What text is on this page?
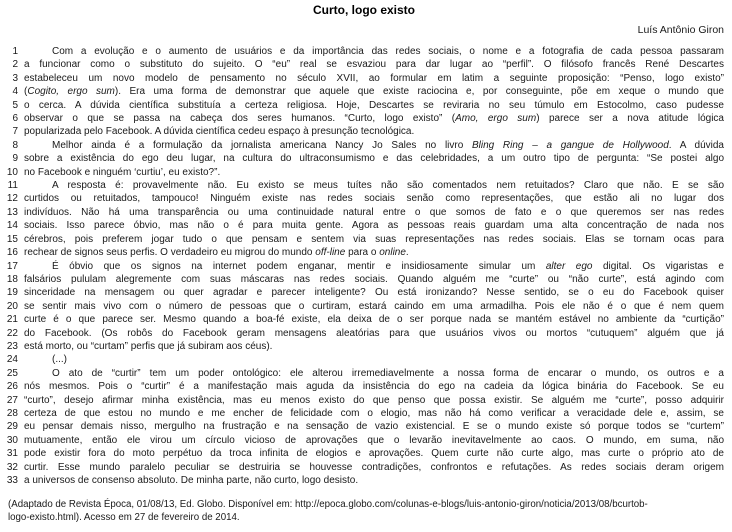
Curto, logo existo
Luís Antônio Giron
1	Com a evolução e o aumento de usuários e da importância das redes sociais, o nome e a fotografia de cada pessoa passaram
2 a funcionar como o substituto do sujeito. O “eu” real se esvaziou para dar lugar ao “perfil”. O filósofo francês René Descartes
3 estabeleceu um novo modelo de pensamento no século XVII, ao formular em latim a seguinte proposição: “Penso, logo existo”
4 (Cogito, ergo sum). Era uma forma de demonstrar que aquele que existe raciocina e, por conseguinte, põe em xeque o mundo que
5 o cerca. A dúvida científica substituía a certeza religiosa. Hoje, Descartes se reviraria no seu túmulo em Estocolmo, caso pudesse
6 observar o que se passa na cabeça dos seres humanos. “Curto, logo existo” (Amo, ergo sum) parece ser a nova atitude lógica
7 popularizada pelo Facebook. A dúvida científica cedeu espaço à presunção tecnológica.
8	Melhor ainda é a formulação da jornalista americana Nancy Jo Sales no livro Bling Ring – a gangue de Hollywood. A dúvida
9 sobre a existência do ego deu lugar, na cultura do ultraconsumismo e das celebridades, a um outro tipo de pergunta: “Se postei algo
10 no Facebook e ninguém ‘curtiu’, eu existo?”.
11	A resposta é: provavelmente não. Eu existo se meus tuítes não são comentados nem retuitados? Claro que não. E se são
12 curtidos ou retuitados, tampouco! Ninguém existe nas redes sociais senão como representações, que estão ali no lugar dos
13 indivíduos. Não há uma transparência ou uma continuidade natural entre o que somos de fato e o que queremos ser nas redes
14 sociais. Isso parece óbvio, mas não o é para muita gente. Agora as pessoas reais guardam uma alta concentração de nada nos
15 cérebros, pois preferem jogar tudo o que pensam e sentem via suas representações nas redes sociais. Elas se tornam ocas para
16 rechear de signos seus perfis. O verdadeiro eu migrou do mundo off-line para o online.
17	É óbvio que os signos na internet podem enganar, mentir e insidiosamente simular um alter ego digital. Os vigaristas e
18 falsários pululam alegremente com suas máscaras nas redes sociais. Quando alguém me “curte” ou “não curte”, está agindo com
19 sinceridade na mensagem ou quer agradar e parecer inteligente? Ou está ironizando? Nesse sentido, se o eu do Facebook quiser
20 se sentir mais vivo com o número de pessoas que o curtiram, estará caindo em uma armadilha. Pois ele não é o que é nem quem
21 curte é o que parece ser. Mesmo quando a boa-fé existe, ela deixa de o ser porque nada se mantém estável no ambiente da “curtição”
22 do Facebook. (Os robôs do Facebook geram mensagens aleatórias para que usuários vivos ou mortos “cutuquem” alguém que já
23 está morto, ou “curtam” perfis que já subiram aos céus).
24	(...)
25	O ato de “curtir” tem um poder ontológico: ele alterou irremediavelmente a nossa forma de encarar o mundo, os outros e a
26 nós mesmos. Pois o “curtir” é a manifestação mais aguda da insistência do ego na cadeia da lógica binária do Facebook. Se eu
27 “curto”, desejo afirmar minha existência, mas eu menos existo do que penso que possa existir. Se alguém me “curte”, posso adquirir
28 certeza de que estou no mundo e me encher de felicidade com o elogio, mas não há como verificar a veracidade dele e, assim, se
29 eu pensar demais nisso, mergulho na frustração e na sensação de vazio existencial. E se o mundo existe só porque todos se “curtem”
30 mutuamente, então ele virou um círculo vicioso de aprovações que o levarão inevitavelmente ao caos. O mundo, em suma, não
31 pode existir fora do moto perpétuo da troca infinita de elogios e aprovações. Quem curte não curte algo, mas curte o próprio ato de
32 curtir. Esse mundo paralelo peculiar se destruiria se houvesse contradições, confrontos e refutações. As redes sociais deram origem
33 a universos de consenso absoluto. De minha parte, não curto, logo desisto.
(Adaptado de Revista Época, 01/08/13, Ed. Globo. Disponível em: http://epoca.globo.com/colunas-e-blogs/luis-antonio-giron/noticia/2013/08/bcurtob-
logo-existo.html). Acesso em 27 de fevereiro de 2014.
